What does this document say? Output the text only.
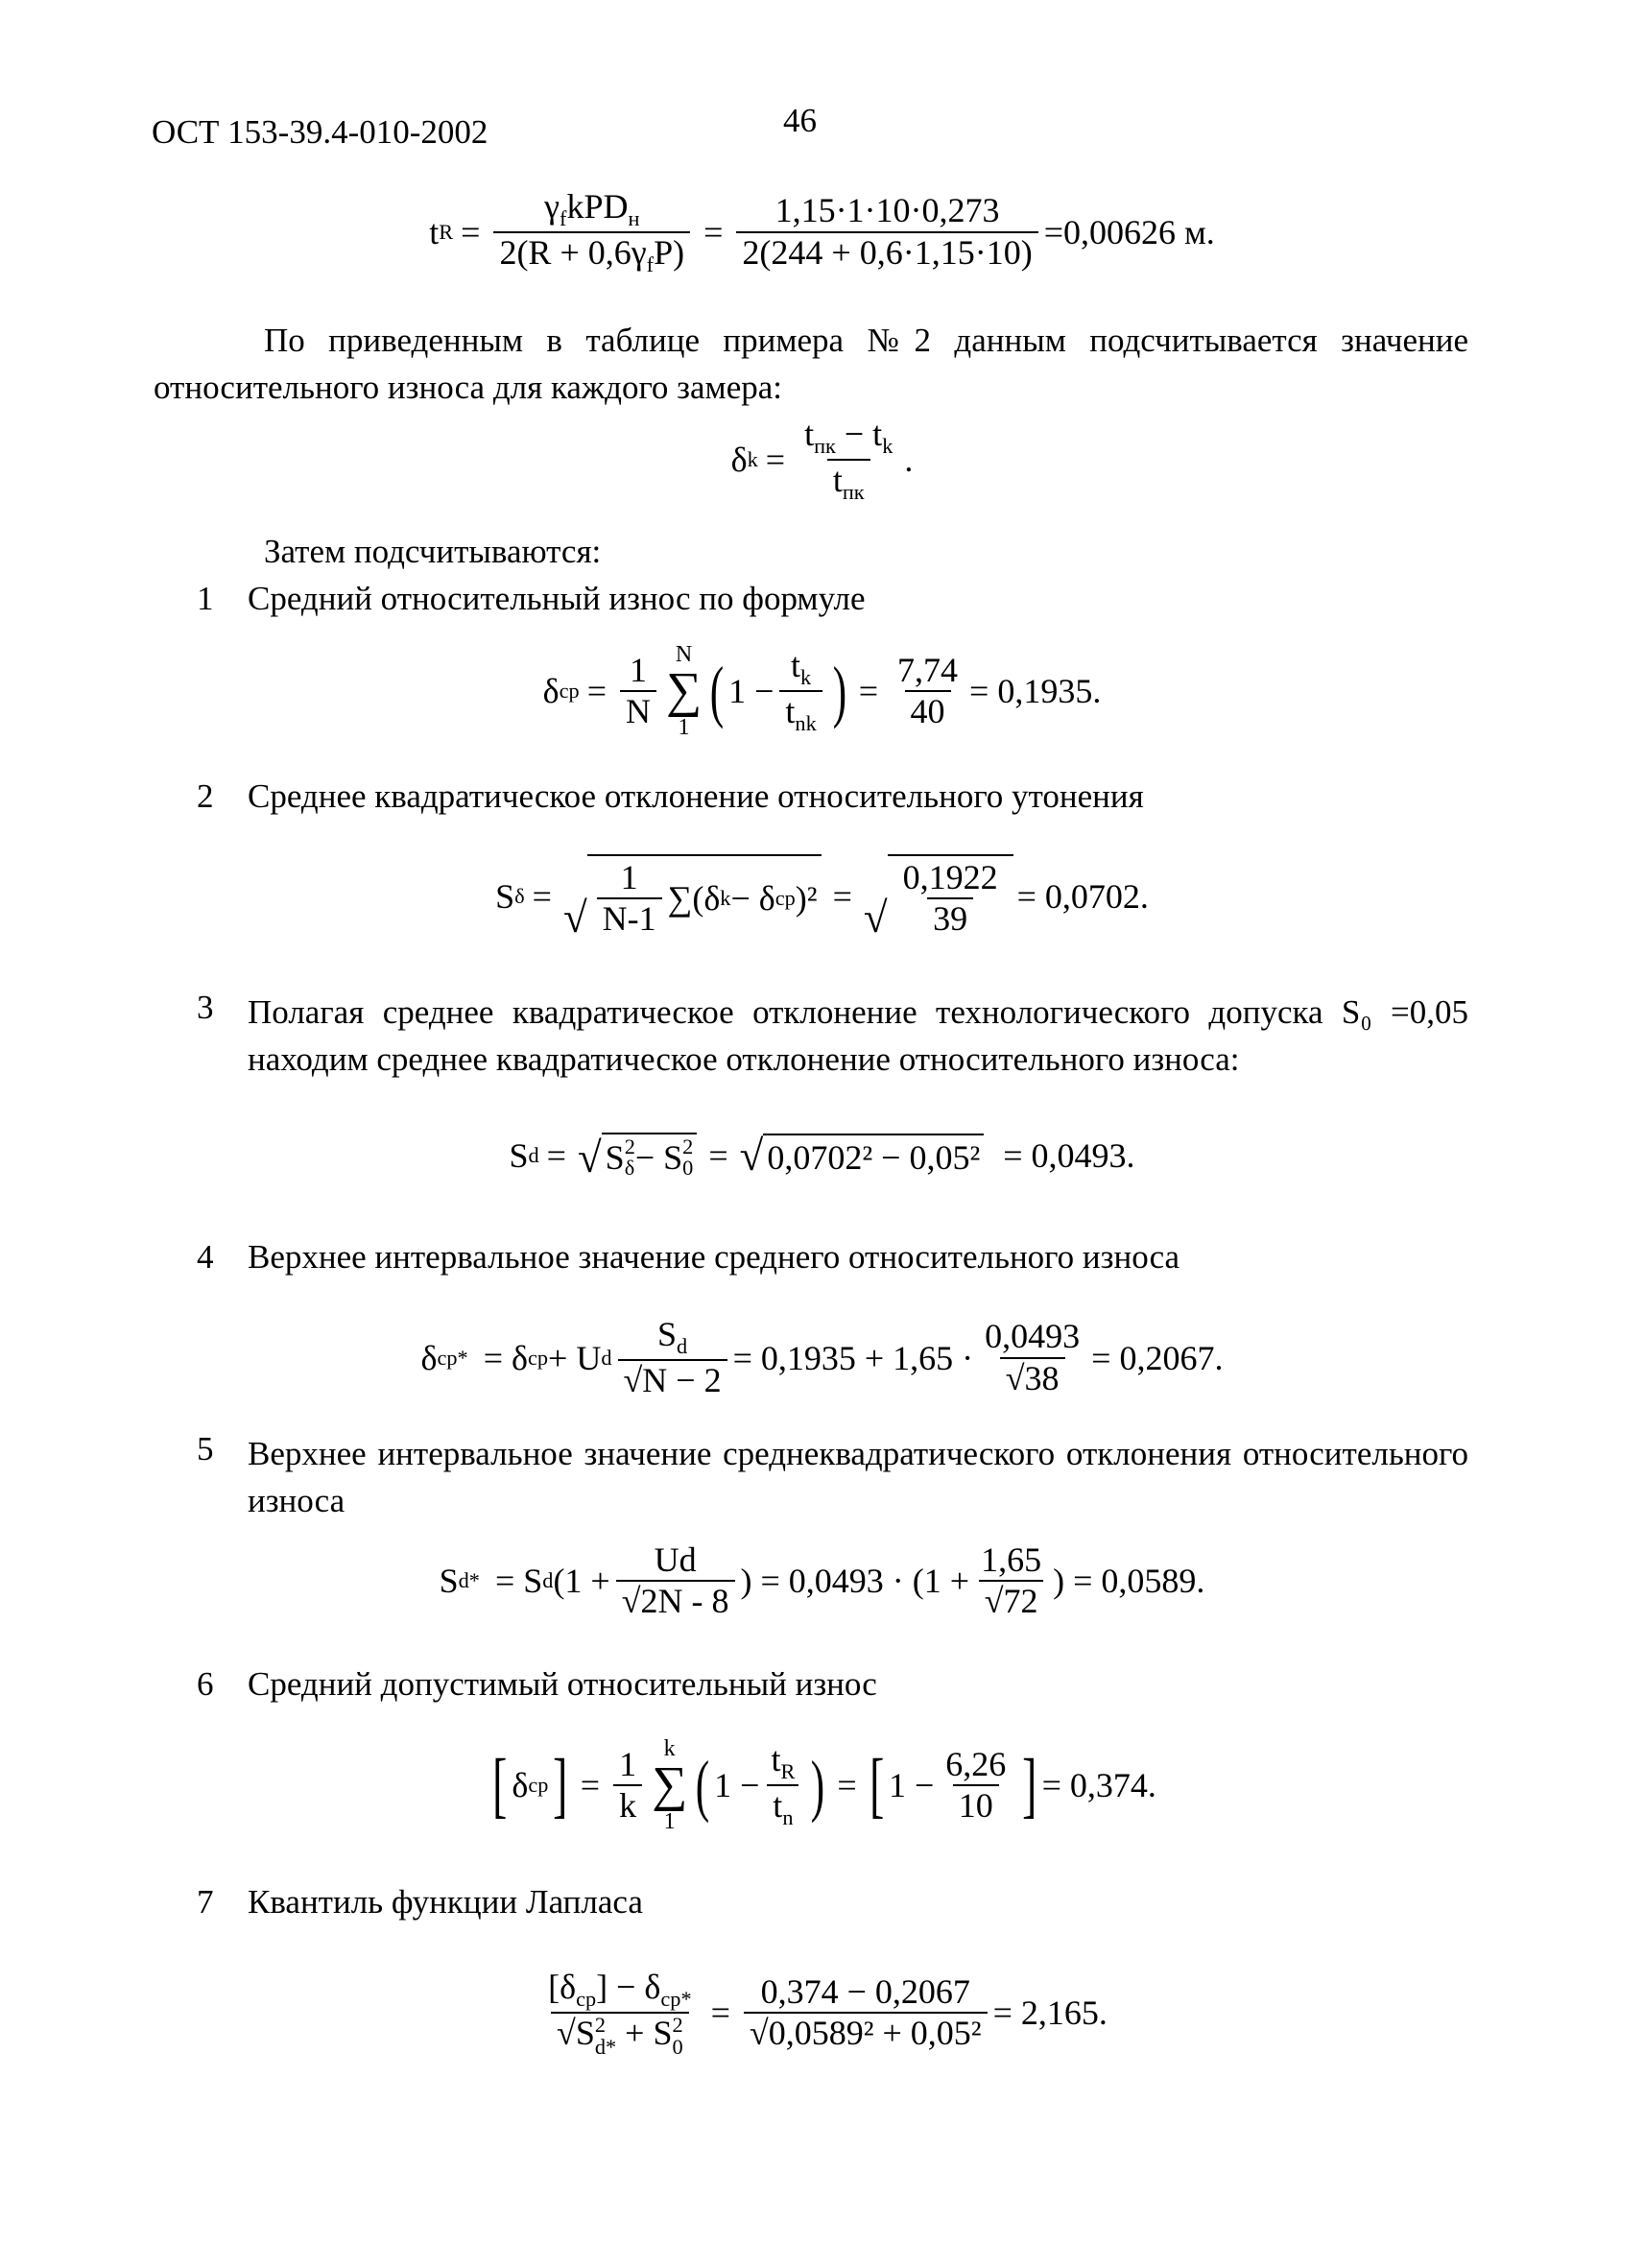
ОСТ 153-39.4-010-2002	46
t $R = \frac{\gamma_fkPD_н}{2(R + 0,6\gamma_fP)} = \frac{1,15\cdot 1\cdot 10\cdot 0,273}{2(244 + 0,6\cdot 1,15\cdot 10)} =0,00626$ м.
По приведенным в таблице примера №2 данным подсчитывается значение относительного износа для каждого замера:
δ $k = \frac{t_{пк} - t_k}{t_{пк}}$ .
Затем подсчитываются:
1 Средний относительный износ по формуле
δ ср = $\frac{1}{N}$ N
∑
1 ( $1 - \frac{t_k}{t_{nk}}$ ) = $\frac{7,74}{40} = 0,1935$.
2 Среднее квадратическое отклонение относительного утонения
S δ = √ $\frac{1}{N-1} \sum(\delta$ k − δ ср )² = √ $\frac{0,1922}{39} = 0,0702$.
3 Полагая среднее квадратическое отклонение технологического допуска S₀ =0,05 находим среднее квадратическое отклонение относительного износа:
S d = √ S 2
δ − S 2
0 = √ 0,0702² − 0,05² = 0,0493.
4 Верхнее интервальное значение среднего относительного износа
δ ср* = δ ср + U d $\frac{S_d}{√N - 2} = 0,1935 + 1,65 \cdot \frac{0,0493}{√38} = 0,2067$.
5 Верхнее интервальное значение среднеквадратического отклонения относительного износа
S d* = S d ($1 + \frac{Ud}{√2N - 8}$ ) = $0,0493 \cdot (1 + \frac{1,65}{√72}$ ) = 0,0589.
6 Средний допустимый относительный износ
[ δ ср ] = $\frac{1}{k}$ k
∑
1 ( $1 - \frac{t_R}{t_n}$ ) = [ $1 - \frac{6,26}{10}$ ] = 0,374.
7 Квантиль функции Лапласа
$[\delta_{ср}] - \delta_{ср*}$
√S 2
d* + S 2
$0 = \frac{0,374 - 0,2067}{\text{√0,0589² + 0,05²}} = 2,165$.
